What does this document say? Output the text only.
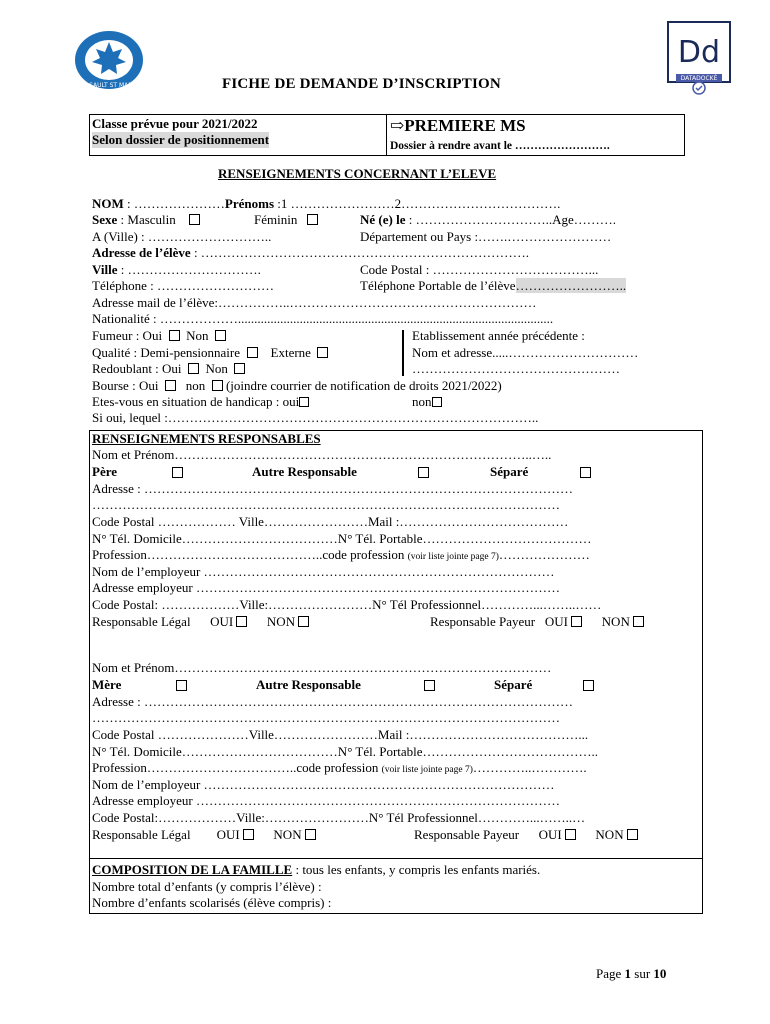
LE SAULT ST MARIE
Dd
DATADOCKÉ
FICHE DE DEMANDE D’INSCRIPTION
Classe prévue pour 2021/2022
Selon dossier de positionnement
⇨PREMIERE MS
Dossier à rendre avant le …………………….
RENSEIGNEMENTS CONCERNANT L’ELEVE
NOM : …………………Prénoms :1 ……………………2……………………………….
Sexe : Masculin	Féminin	Né (e) le : …………………………..Age……….
A (Ville) : ………………………..	Département ou Pays :…….……………………
Adresse de l’élève : ………………………………………………………………….
Ville : ………………………….	Code Postal : ………………………………...
Téléphone : ………………………	Téléphone Portable de l’élève……………………..
Adresse mail de l’élève:……………..…………………………………………………
Nationalité : ……………….................................................................................................
Fumeur : Oui Non	Etablissement année précédente :
Qualité : Demi-pensionnaire Externe	Nom et adresse.....…………………………
Redoublant : Oui Non	…………………………………………
Bourse : Oui non (joindre courrier de notification de droits 2021/2022)
Etes-vous en situation de handicap : oui	non
Si oui, lequel :…………………………………………………………………………..
RENSEIGNEMENTS RESPONSABLES
Nom et Prénom………………………………………………………………………..…..
Père	Autre Responsable	Séparé
Adresse : ………………………………………………………………………………………
………………………………………………………………………………………………
Code Postal ……………… Ville……………………Mail :…………………………………
N° Tél. Domicile………………………………N° Tél. Portable…………………………………
Profession…………………………………..code profession (voir liste jointe page 7)…………………
Nom de l’employeur ………………………………………………………………………
Adresse employeur …………………………………………………………………………
Code Postal: ………………Ville:……………………N° Tél Professionnel…………...……..……
Responsable Légal OUI	NON	Responsable Payeur OUI	NON
Nom et Prénom……………………………………………………………………………
Mère	Autre Responsable	Séparé
Adresse : ………………………………………………………………………………………
………………………………………………………………………………………………
Code Postal …………………Ville……………………Mail :…………………………………...
N° Tél. Domicile………………………………N° Tél. Portable…………………………………..
Profession……………………………..code profession (voir liste jointe page 7)…………..………….
Nom de l’employeur ………………………………………………………………………
Adresse employeur …………………………………………………………………………
Code Postal:………………Ville:……………………N° Tél Professionnel…………...……..…
Responsable Légal OUI	NON	Responsable Payeur OUI	NON
COMPOSITION DE LA FAMILLE : tous les enfants, y compris les enfants mariés.
Nombre total d’enfants (y compris l’élève) :
Nombre d’enfants scolarisés (élève compris) :
Page 1 sur 10
